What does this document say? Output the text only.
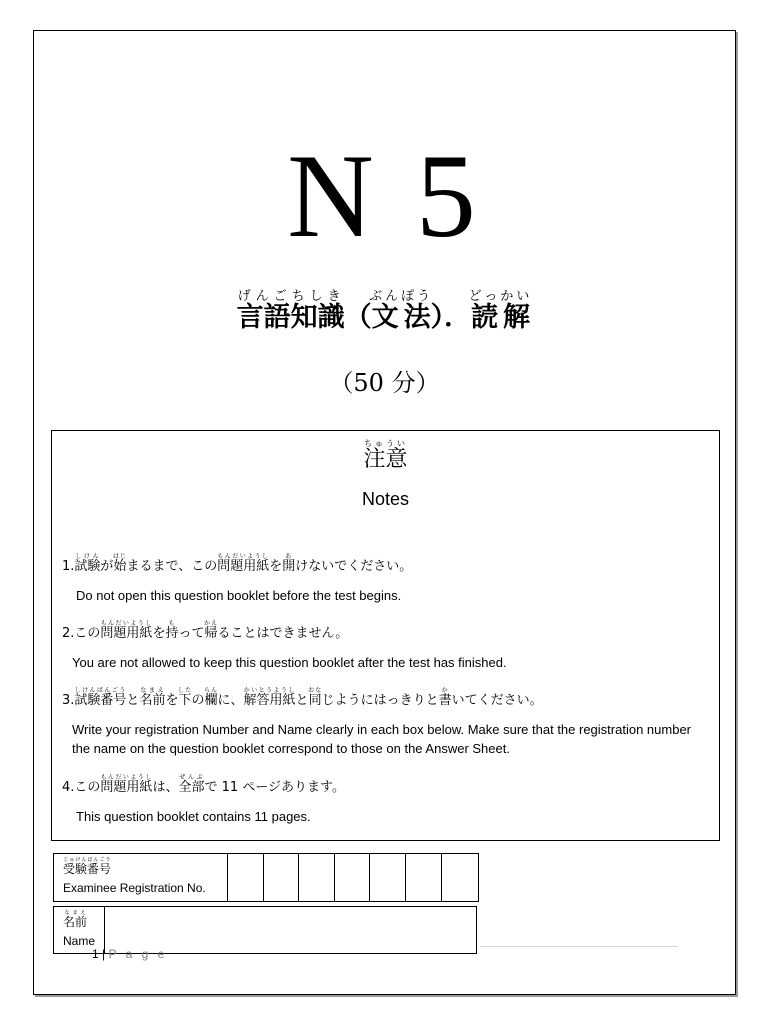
N 5
言語知識げんごちしき（文法ぶんぽう）．読解どっかい
（50 分）
注意ちゅうい
Notes
1.試験しけんが始はじまるまで、この問題用紙もんだいようしを開あけないでください。
Do not open this question booklet before the test begins.
2.この問題用紙もんだいようしを持もって帰かえることはできません。
You are not allowed to keep this question booklet after the test has finished.
3.試験番号しけんばんごうと名前なまえを下したの欄らんに、解答用紙かいとうようしと同おなじようにはっきりと書かいてください。
Write your registration Number and Name clearly in each box below. Make sure that the registration number the name on the question booklet correspond to those on the Answer Sheet.
4.この問題用紙もんだいようしは、全部ぜんぶで 11 ページあります。
This question booklet contains 11 pages.
受験番号じゅけんばんごう
Examinee Registration No.
名前なまえ
Name
1 | P a g e
